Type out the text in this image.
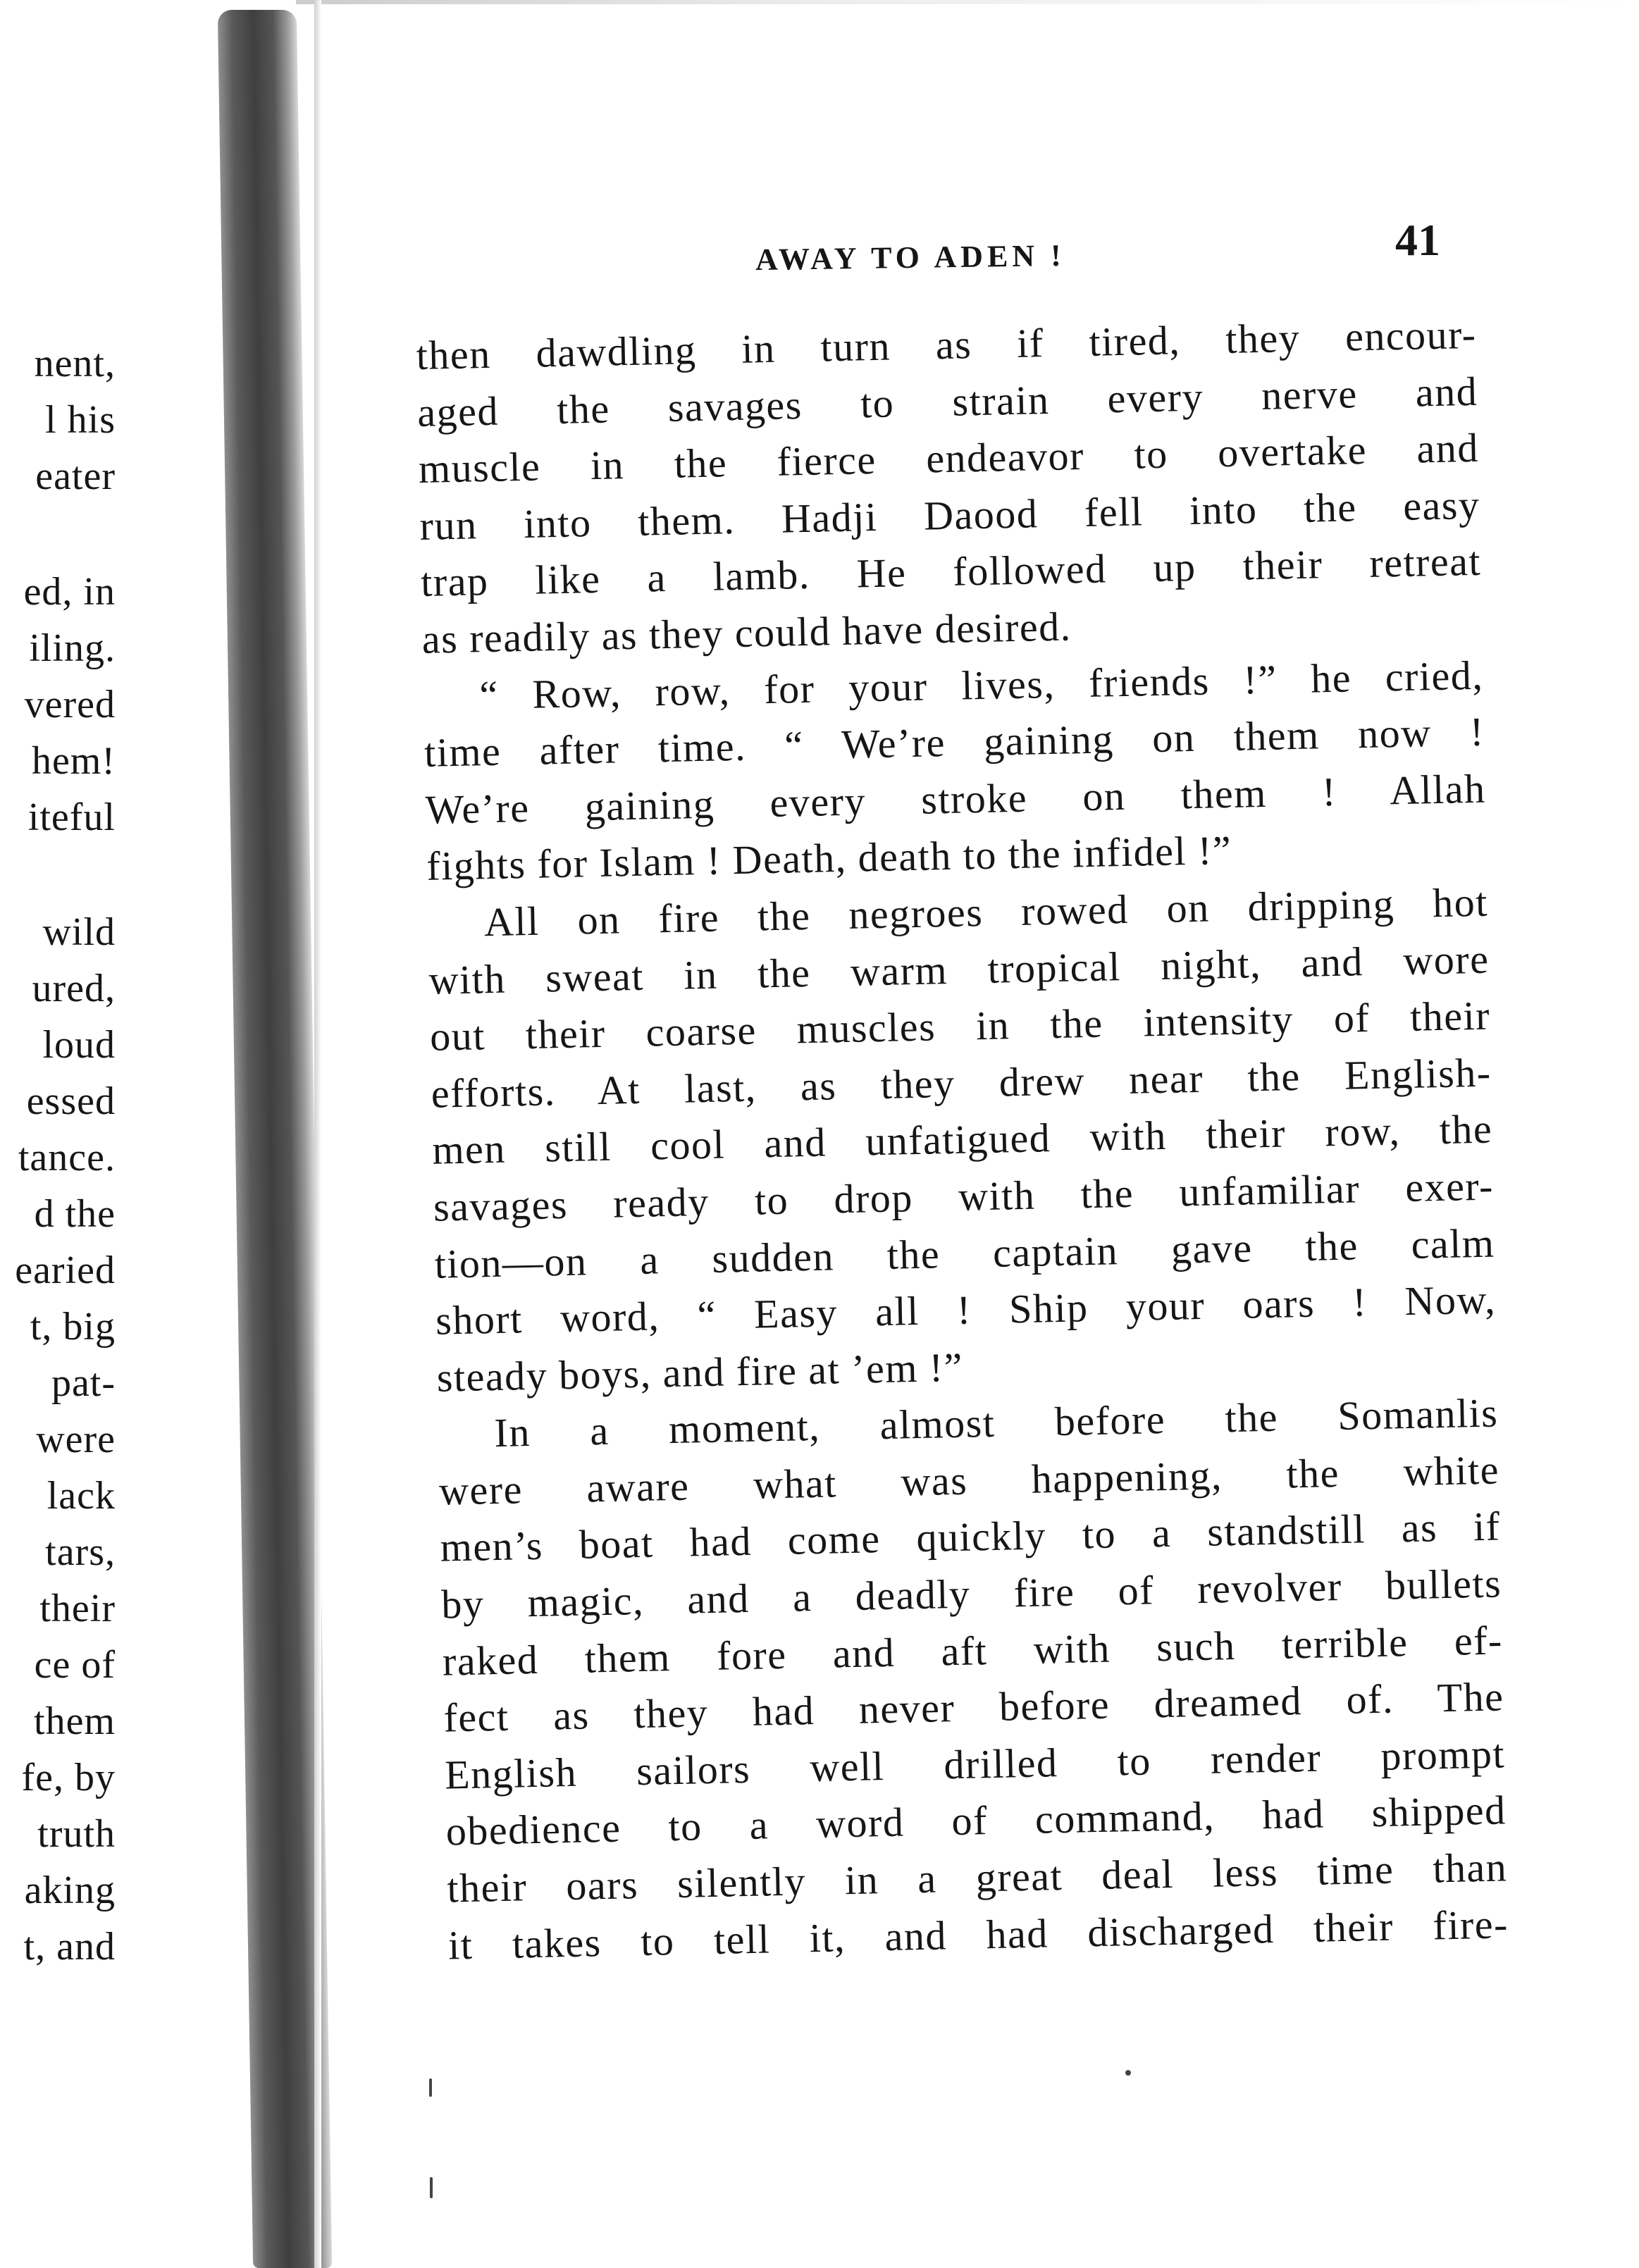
nent,
l his
eater
ed, in
iling.
vered
hem!
iteful
wild
ured,
loud
essed
tance.
d the
earied
t, big
pat-
were
lack
tars,
their
ce of
them
fe, by
truth
aking
t, and
AWAY TO ADEN !	41
then dawdling in turn as if tired, they encour-
aged the savages to strain every nerve and
muscle in the fierce endeavor to overtake and
run into them. Hadji Daood fell into the easy
trap like a lamb. He followed up their retreat
as readily as they could have desired.
“ Row, row, for your lives, friends !” he cried,
time after time. “ We’re gaining on them now !
We’re gaining every stroke on them ! Allah
fights for Islam ! Death, death to the infidel !”
All on fire the negroes rowed on dripping hot
with sweat in the warm tropical night, and wore
out their coarse muscles in the intensity of their
efforts. At last, as they drew near the English-
men still cool and unfatigued with their row, the
savages ready to drop with the unfamiliar exer-
tion—on a sudden the captain gave the calm
short word, “ Easy all ! Ship your oars ! Now,
steady boys, and fire at ’em !”
In a moment, almost before the Somanlis
were aware what was happening, the white
men’s boat had come quickly to a standstill as if
by magic, and a deadly fire of revolver bullets
raked them fore and aft with such terrible ef-
fect as they had never before dreamed of. The
English sailors well drilled to render prompt
obedience to a word of command, had shipped
their oars silently in a great deal less time than
it takes to tell it, and had discharged their fire-
